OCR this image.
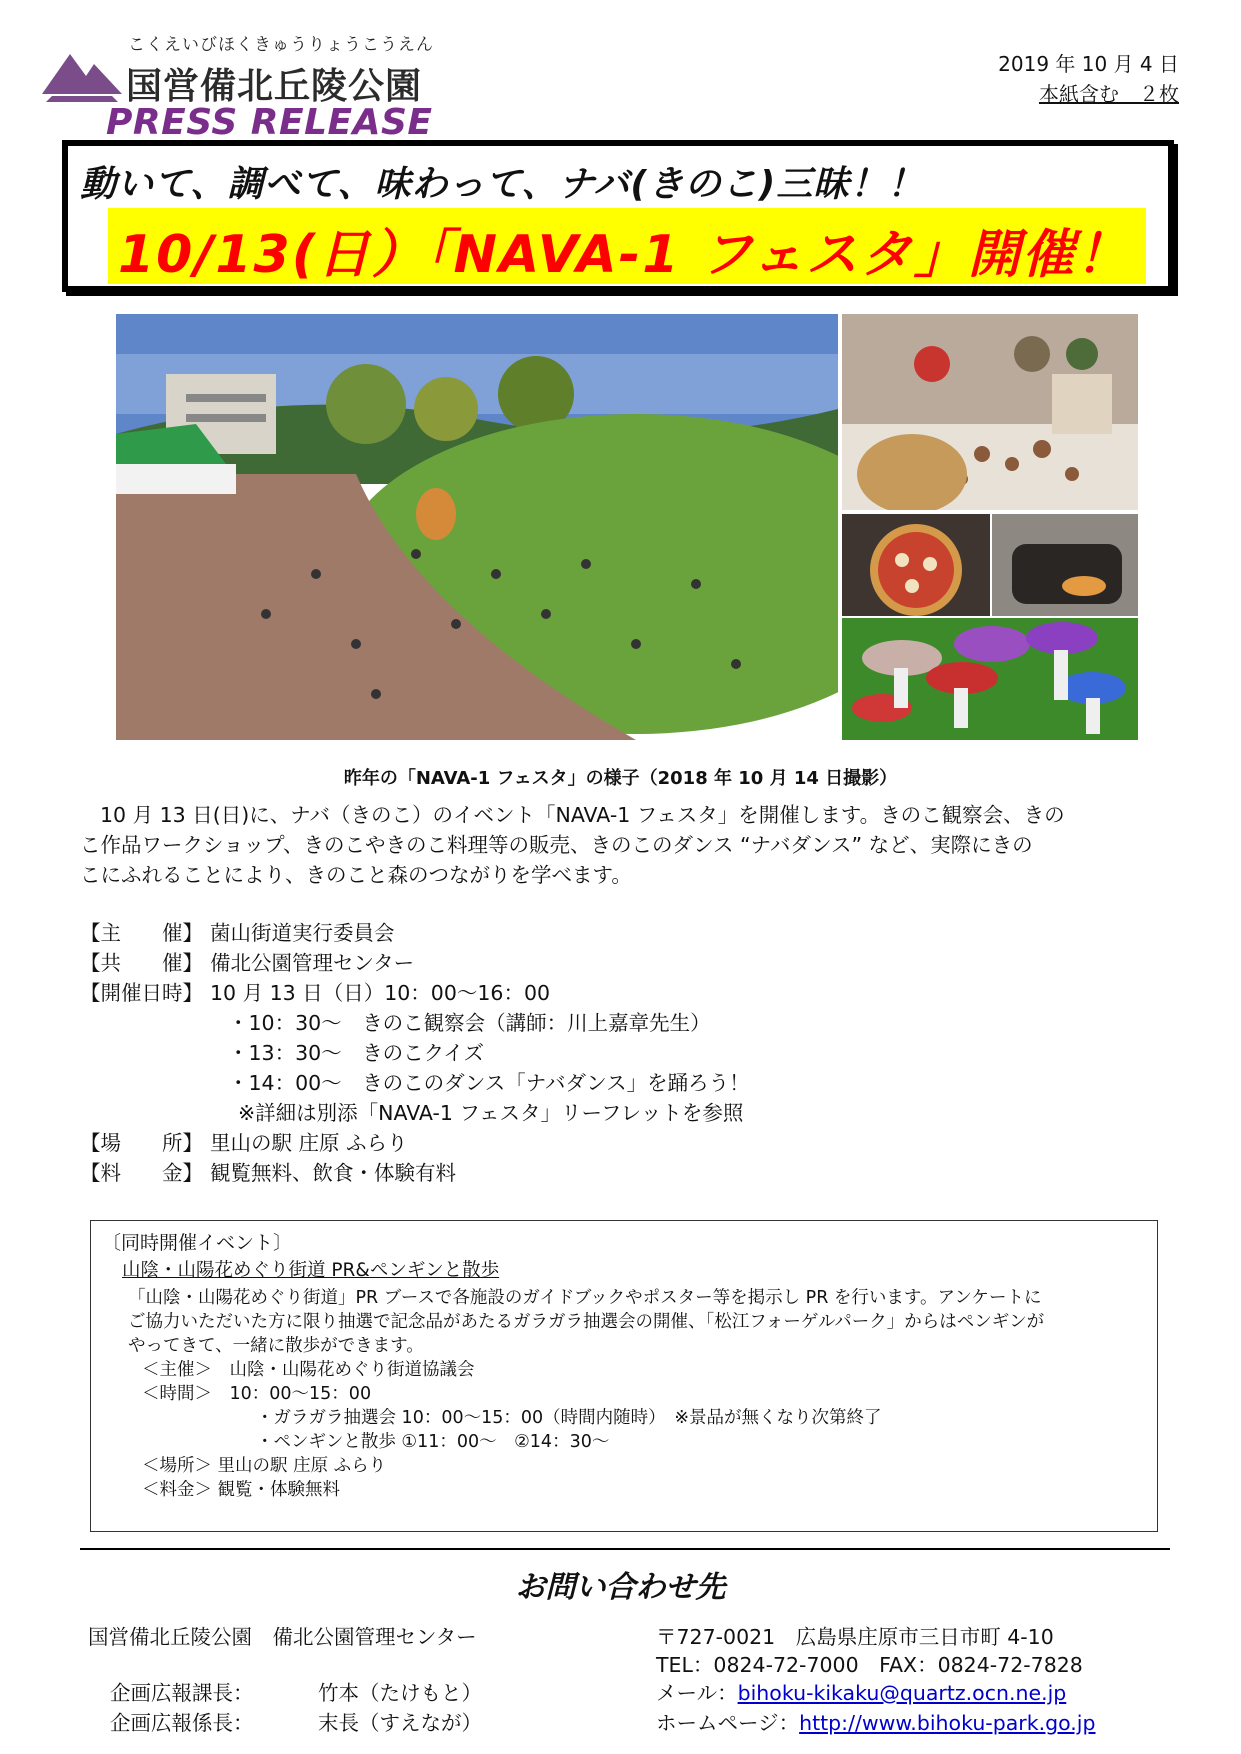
こくえいびほくきゅうりょうこうえん
国営備北丘陵公園
PRESS RELEASE
2019 年 10 月 4 日
本紙含む　２枚
動いて、調べて、味わって、ナバ(きのこ)三昧！！
10/13(日）「NAVA-1 フェスタ」開催！
昨年の「NAVA-1 フェスタ」の様子（2018 年 10 月 14 日撮影）
10 月 13 日(日)に、ナバ（きのこ）のイベント「NAVA-1 フェスタ」を開催します。きのこ観察会、きの
こ作品ワークショップ、きのこやきのこ料理等の販売、きのこのダンス “ナバダンス” など、実際にきの
こにふれることにより、きのこと森のつながりを学べます。
【主　　催】 菌山街道実行委員会
【共　　催】 備北公園管理センター
【開催日時】 10 月 13 日（日）10：00～16：00
・10：30～　きのこ観察会（講師：川上嘉章先生）
・13：30～　きのこクイズ
・14：00～　きのこのダンス「ナバダンス」を踊ろう！
※詳細は別添「NAVA-1 フェスタ」リーフレットを参照
【場　　所】 里山の駅 庄原 ふらり
【料　　金】 観覧無料、飲食・体験有料
〔同時開催イベント〕
山陰・山陽花めぐり街道 PR&ペンギンと散歩
「山陰・山陽花めぐり街道」PR ブースで各施設のガイドブックやポスター等を掲示し PR を行います。アンケートに
ご協力いただいた方に限り抽選で記念品があたるガラガラ抽選会の開催、「松江フォーゲルパーク」からはペンギンが
やってきて、一緒に散歩ができます。
＜主催＞　山陰・山陽花めぐり街道協議会
＜時間＞　10：00～15：00
・ガラガラ抽選会 10：00～15：00（時間内随時）　※景品が無くなり次第終了
・ペンギンと散歩 ①11：00～　②14：30～
＜場所＞ 里山の駅 庄原 ふらり
＜料金＞ 観覧・体験無料
お問い合わせ先
国営備北丘陵公園　備北公園管理センター
企画広報課長：	竹本（たけもと）
企画広報係長：	末長（すえなが）
〒727-0021　広島県庄原市三日市町 4-10
TEL：0824-72-7000　FAX：0824-72-7828
メール：bihoku-kikaku@quartz.ocn.ne.jp
ホームページ：http://www.bihoku-park.go.jp
